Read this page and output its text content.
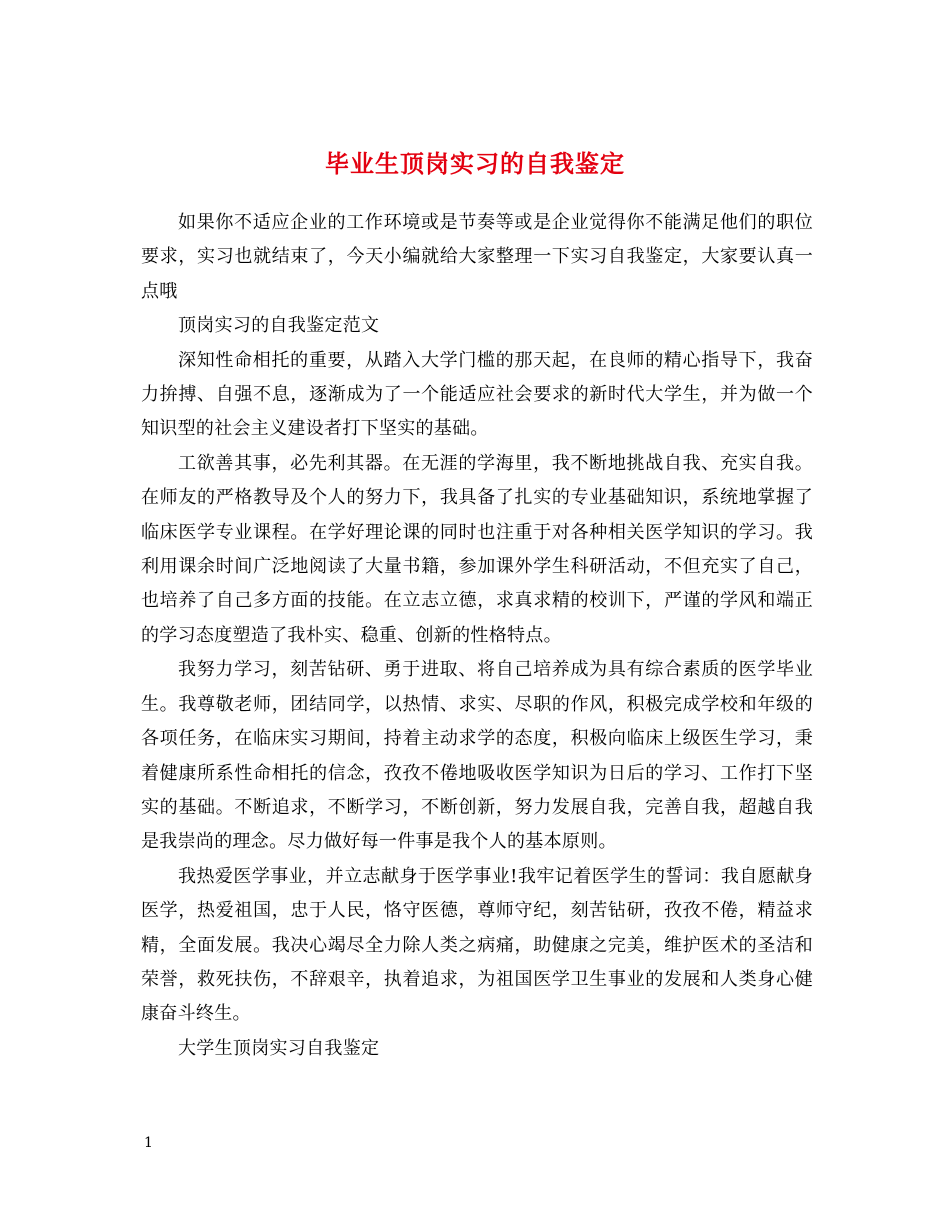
毕业生顶岗实习的自我鉴定

如果你不适应企业的工作环境或是节奏等或是企业觉得你不能满足他们的职位要求，实习也就结束了，今天小编就给大家整理一下实习自我鉴定，大家要认真一点哦

顶岗实习的自我鉴定范文

深知性命相托的重要，从踏入大学门槛的那天起，在良师的精心指导下，我奋力拚搏、自强不息，逐渐成为了一个能适应社会要求的新时代大学生，并为做一个知识型的社会主义建设者打下坚实的基础。

工欲善其事，必先利其器。在无涯的学海里，我不断地挑战自我、充实自我。在师友的严格教导及个人的努力下，我具备了扎实的专业基础知识，系统地掌握了临床医学专业课程。在学好理论课的同时也注重于对各种相关医学知识的学习。我利用课余时间广泛地阅读了大量书籍，参加课外学生科研活动，不但充实了自己，也培养了自己多方面的技能。在立志立德，求真求精的校训下，严谨的学风和端正的学习态度塑造了我朴实、稳重、创新的性格特点。

我努力学习，刻苦钻研、勇于进取、将自己培养成为具有综合素质的医学毕业生。我尊敬老师，团结同学，以热情、求实、尽职的作风，积极完成学校和年级的各项任务，在临床实习期间，持着主动求学的态度，积极向临床上级医生学习，秉着健康所系性命相托的信念，孜孜不倦地吸收医学知识为日后的学习、工作打下坚实的基础。不断追求，不断学习，不断创新，努力发展自我，完善自我，超越自我是我崇尚的理念。尽力做好每一件事是我个人的基本原则。

我热爱医学事业，并立志献身于医学事业!我牢记着医学生的誓词：我自愿献身医学，热爱祖国，忠于人民，恪守医德，尊师守纪，刻苦钻研，孜孜不倦，精益求精，全面发展。我决心竭尽全力除人类之病痛，助健康之完美，维护医术的圣洁和荣誉，救死扶伤，不辞艰辛，执着追求，为祖国医学卫生事业的发展和人类身心健康奋斗终生。

大学生顶岗实习自我鉴定

1
